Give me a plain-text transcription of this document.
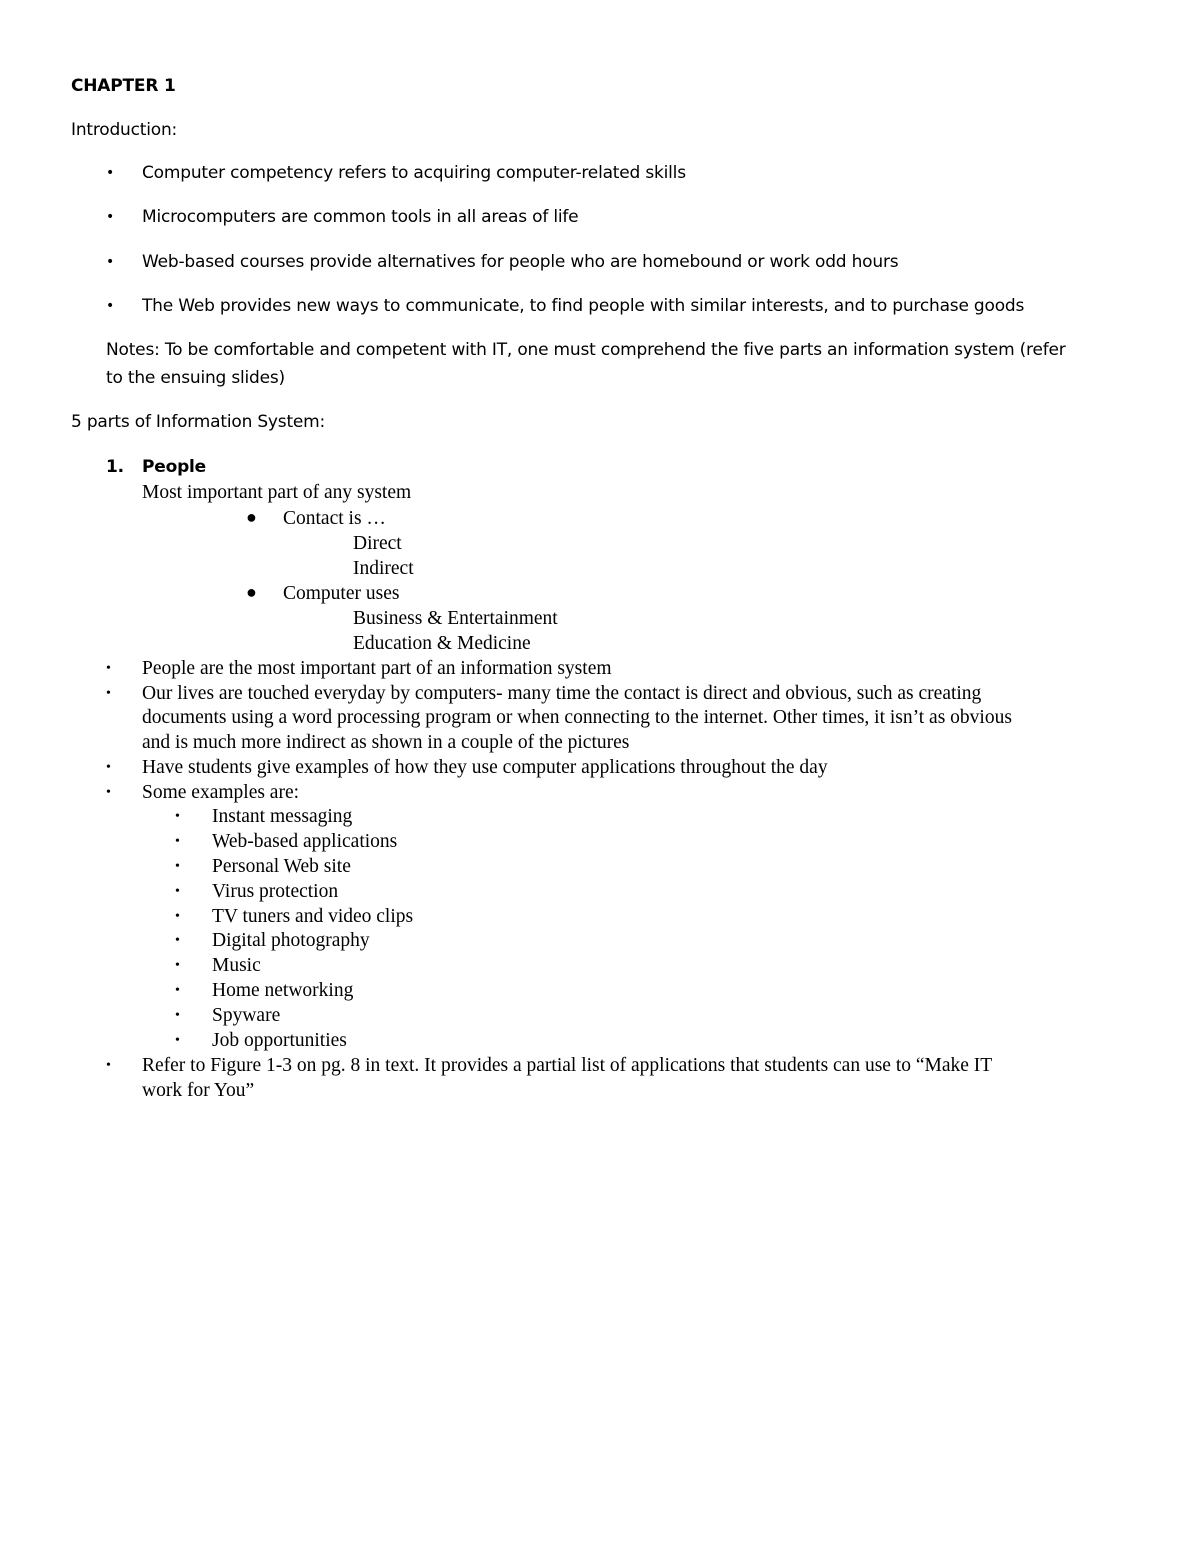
CHAPTER 1
Introduction:
• Computer competency refers to acquiring computer-related skills
• Microcomputers are common tools in all areas of life
• Web-based courses provide alternatives for people who are homebound or work odd hours
• The Web provides new ways to communicate, to find people with similar interests, and to purchase goods
Notes: To be comfortable and competent with IT, one must comprehend the five parts an information system (refer
to the ensuing slides)
5 parts of Information System:
1. People
Most important part of any system
● Contact is …
Direct
Indirect
● Computer uses
Business & Entertainment
Education & Medicine
• People are the most important part of an information system
• Our lives are touched everyday by computers- many time the contact is direct and obvious, such as creating
documents using a word processing program or when connecting to the internet. Other times, it isn’t as obvious
and is much more indirect as shown in a couple of the pictures
• Have students give examples of how they use computer applications throughout the day
• Some examples are:
• Instant messaging
• Web-based applications
• Personal Web site
• Virus protection
• TV tuners and video clips
• Digital photography
• Music
• Home networking
• Spyware
• Job opportunities
• Refer to Figure 1-3 on pg. 8 in text. It provides a partial list of applications that students can use to “Make IT
work for You”
